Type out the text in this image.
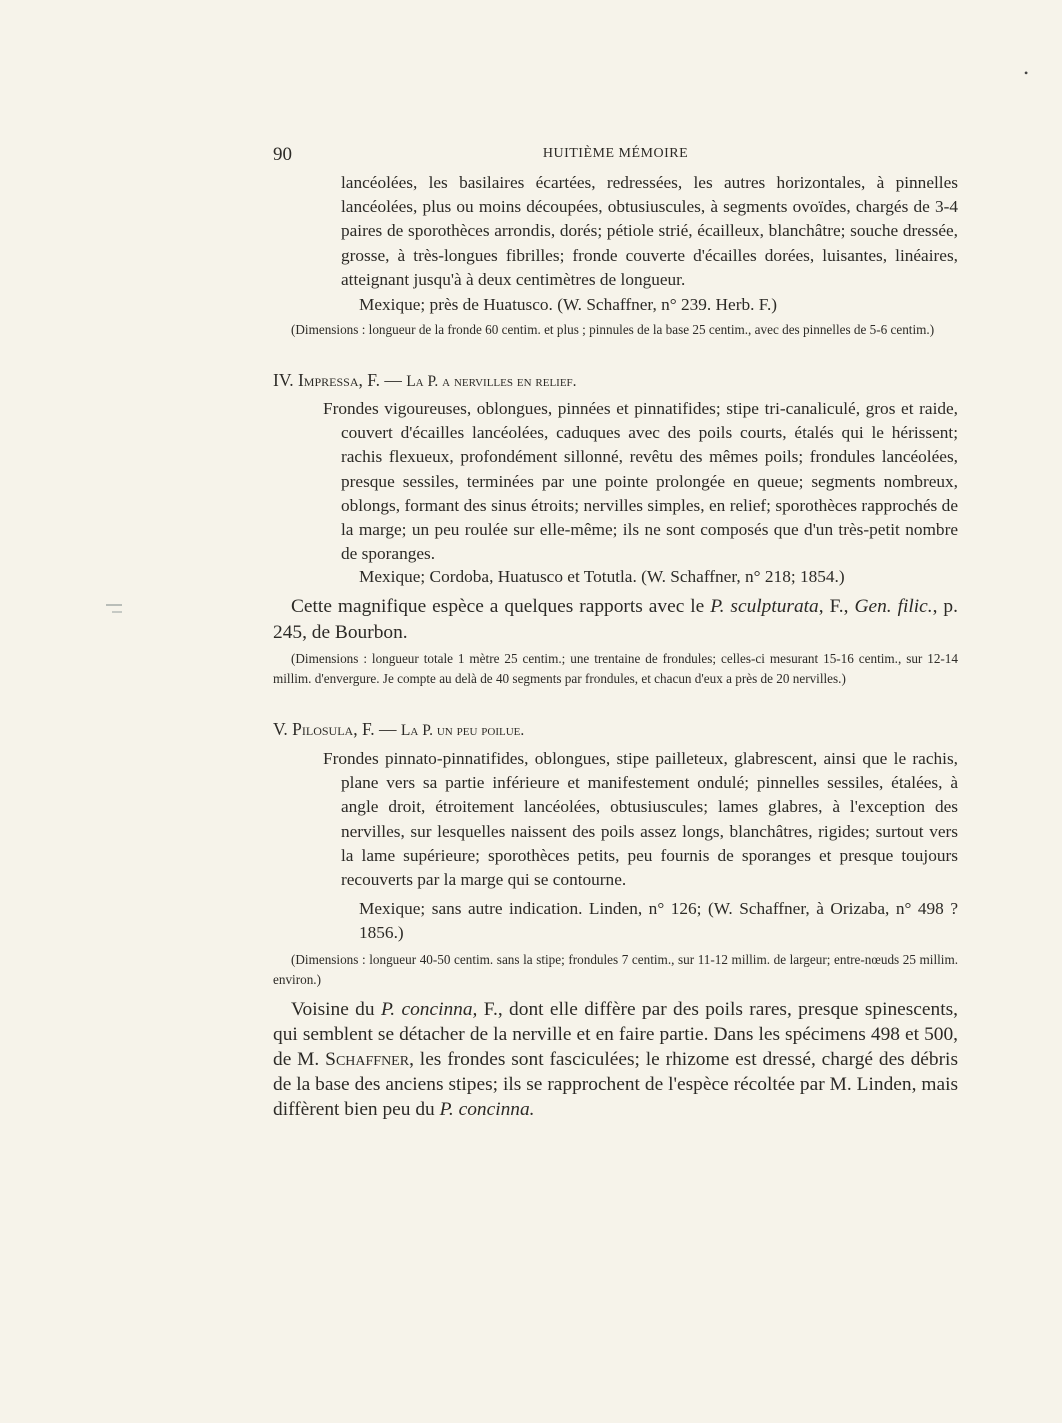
•
90	HUITIÈME MÉMOIRE
lancéolées, les basilaires écartées, redressées, les autres horizontales, à pinnelles lancéolées, plus ou moins découpées, obtusiuscules, à segments ovoïdes, chargés de 3-4 paires de sporothèces arrondis, dorés; pétiole strié, écailleux, blanchâtre; souche dressée, grosse, à très-longues fibrilles; fronde couverte d'écailles dorées, luisantes, linéaires, atteignant jusqu'à à deux centimètres de longueur.
Mexique; près de Huatusco. (W. Schaffner, n° 239. Herb. F.)
(Dimensions : longueur de la fronde 60 centim. et plus ; pinnules de la base 25 centim., avec des pinnelles de 5-6 centim.)
IV. Impressa, F. — La P. a nervilles en relief.
Frondes vigoureuses, oblongues, pinnées et pinnatifides; stipe tri-canaliculé, gros et raide, couvert d'écailles lancéolées, caduques avec des poils courts, étalés qui le hérissent; rachis flexueux, profondément sillonné, revêtu des mêmes poils; frondules lancéolées, presque sessiles, terminées par une pointe prolongée en queue; segments nombreux, oblongs, formant des sinus étroits; nervilles simples, en relief; sporothèces rapprochés de la marge; un peu roulée sur elle-même; ils ne sont composés que d'un très-petit nombre de sporanges.
Mexique; Cordoba, Huatusco et Totutla. (W. Schaffner, n° 218; 1854.)
Cette magnifique espèce a quelques rapports avec le P. sculpturata, F., Gen. filic., p. 245, de Bourbon.
(Dimensions : longueur totale 1 mètre 25 centim.; une trentaine de frondules; celles-ci mesurant 15-16 centim., sur 12-14 millim. d'envergure. Je compte au delà de 40 segments par frondules, et chacun d'eux a près de 20 nervilles.)
V. Pilosula, F. — La P. un peu poilue.
Frondes pinnato-pinnatifides, oblongues, stipe pailleteux, glabrescent, ainsi que le rachis, plane vers sa partie inférieure et manifestement ondulé; pinnelles sessiles, étalées, à angle droit, étroitement lancéolées, obtusiuscules; lames glabres, à l'exception des nervilles, sur lesquelles naissent des poils assez longs, blanchâtres, rigides; surtout vers la lame supérieure; sporothèces petits, peu fournis de sporanges et presque toujours recouverts par la marge qui se contourne.
Mexique; sans autre indication. Linden, n° 126; (W. Schaffner, à Orizaba, n° 498 ? 1856.)
(Dimensions : longueur 40-50 centim. sans la stipe; frondules 7 centim., sur 11-12 millim. de largeur; entre-nœuds 25 millim. environ.)
Voisine du P. concinna, F., dont elle diffère par des poils rares, presque spinescents, qui semblent se détacher de la nerville et en faire partie. Dans les spécimens 498 et 500, de M. Schaffner, les frondes sont fasciculées; le rhizome est dressé, chargé des débris de la base des anciens stipes; ils se rapprochent de l'espèce récoltée par M. Linden, mais diffèrent bien peu du P. concinna.
